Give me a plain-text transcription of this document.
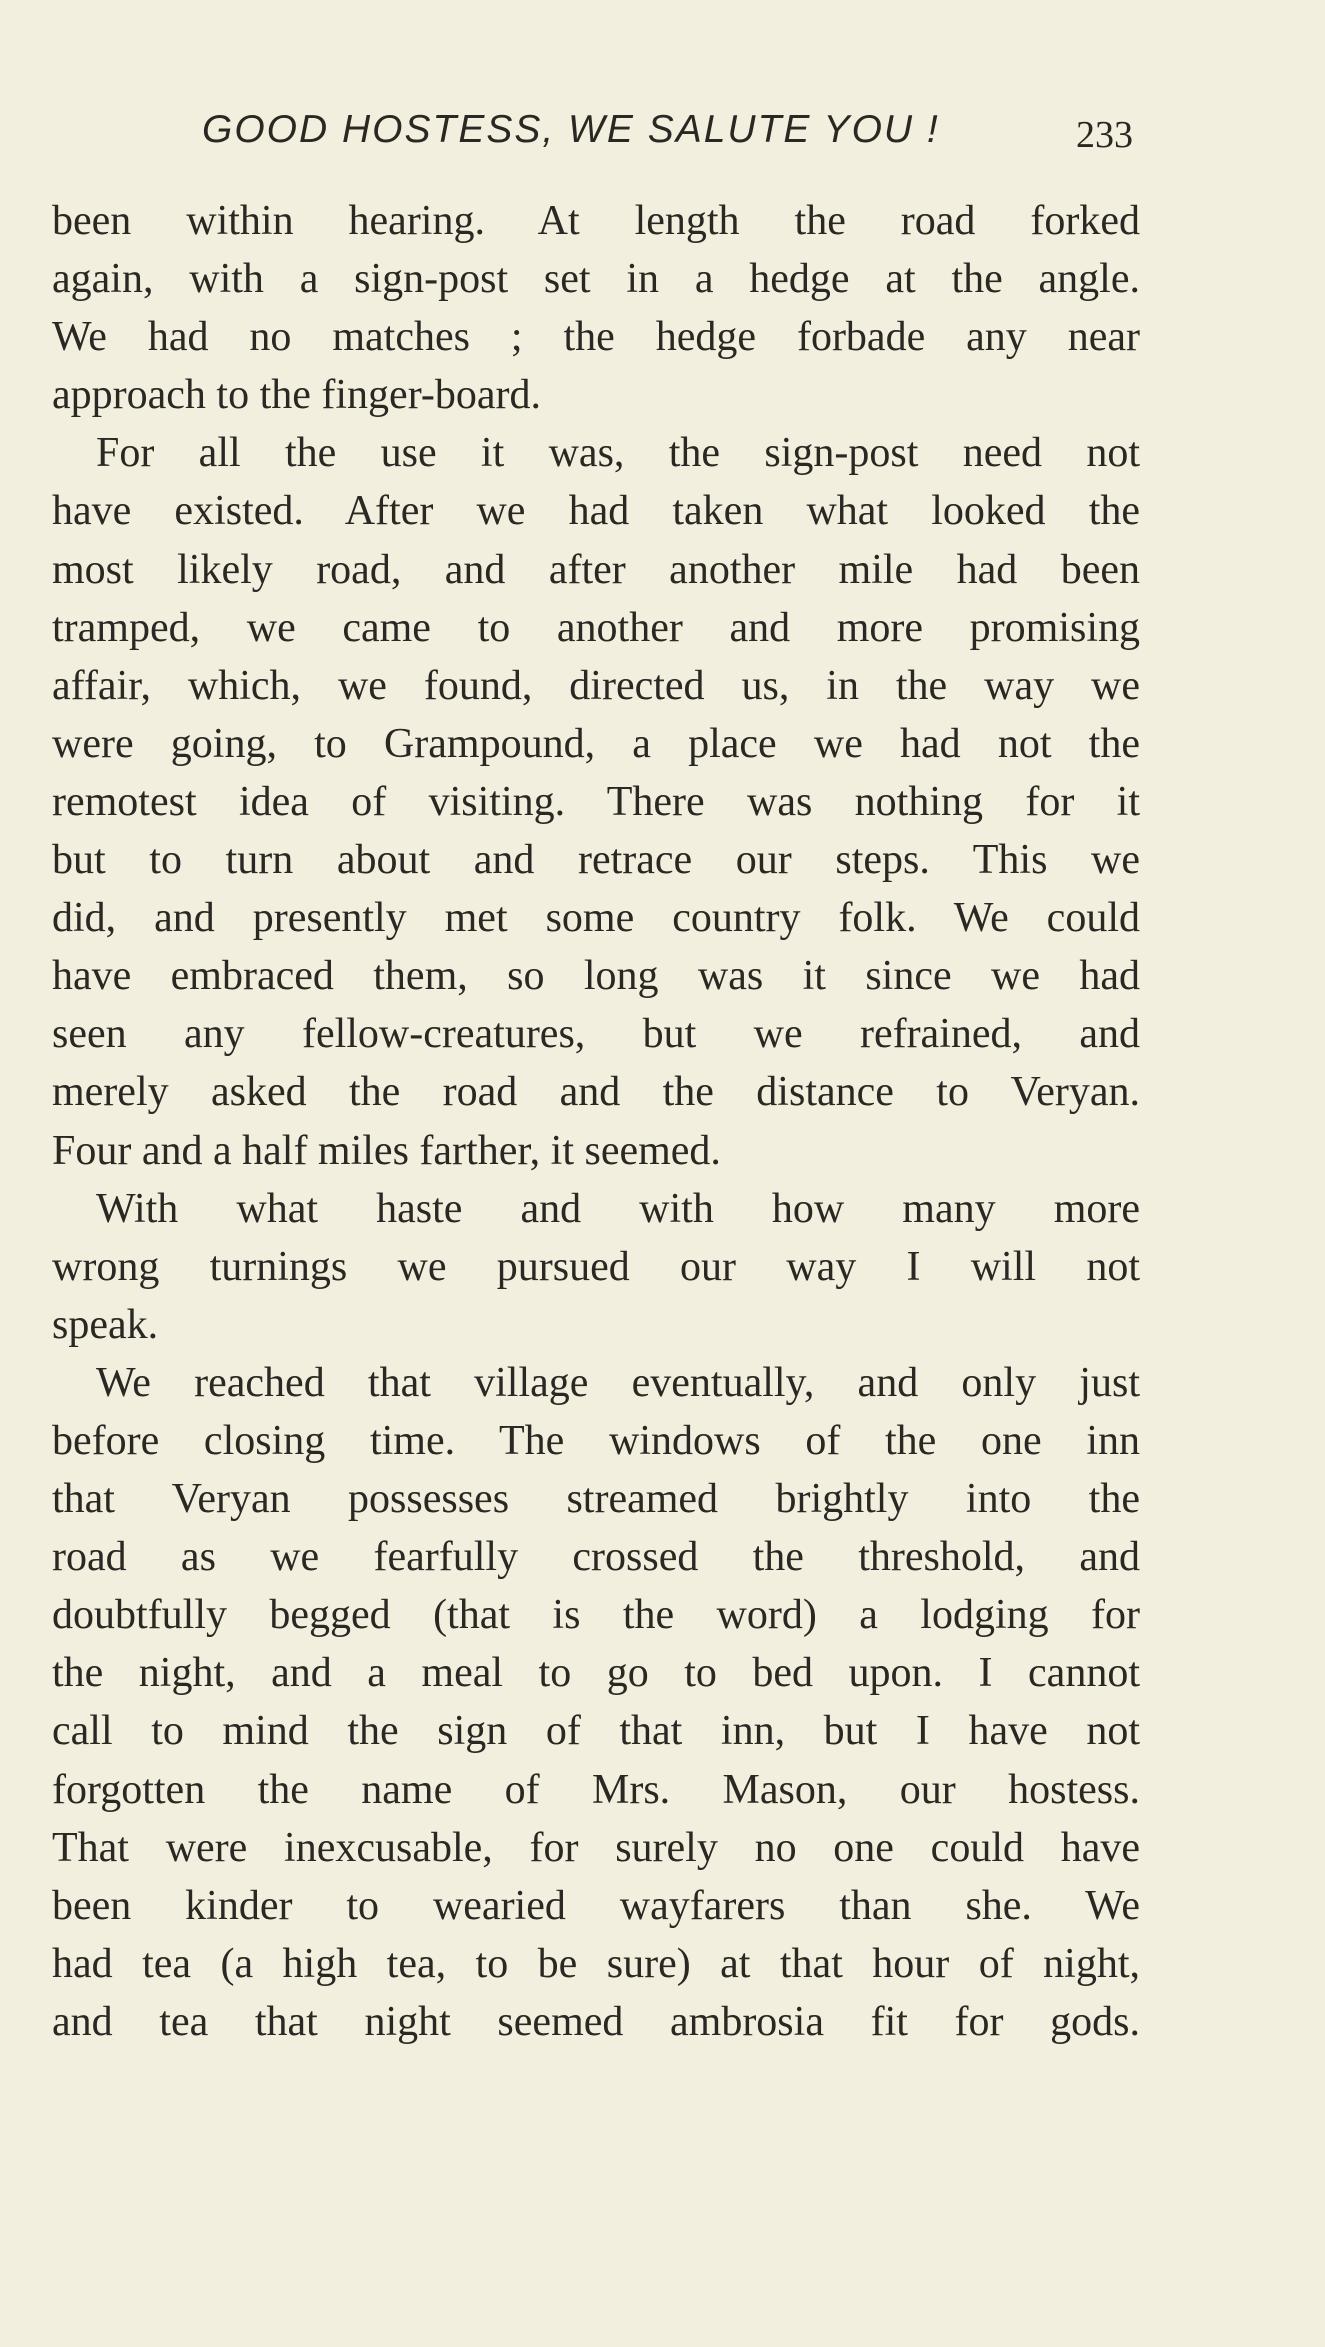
GOOD HOSTESS, WE SALUTE YOU !	233
been within hearing. At length the road forked
again, with a sign-post set in a hedge at the angle.
We had no matches ; the hedge forbade any near
approach to the finger-board.
For all the use it was, the sign-post need not
have existed. After we had taken what looked the
most likely road, and after another mile had been
tramped, we came to another and more promising
affair, which, we found, directed us, in the way we
were going, to Grampound, a place we had not the
remotest idea of visiting. There was nothing for it
but to turn about and retrace our steps. This we
did, and presently met some country folk. We could
have embraced them, so long was it since we had
seen any fellow-creatures, but we refrained, and
merely asked the road and the distance to Veryan.
Four and a half miles farther, it seemed.
With what haste and with how many more
wrong turnings we pursued our way I will not
speak.
We reached that village eventually, and only just
before closing time. The windows of the one inn
that Veryan possesses streamed brightly into the
road as we fearfully crossed the threshold, and
doubtfully begged (that is the word) a lodging for
the night, and a meal to go to bed upon. I cannot
call to mind the sign of that inn, but I have not
forgotten the name of Mrs. Mason, our hostess.
That were inexcusable, for surely no one could have
been kinder to wearied wayfarers than she. We
had tea (a high tea, to be sure) at that hour of night,
and tea that night seemed ambrosia fit for gods.
